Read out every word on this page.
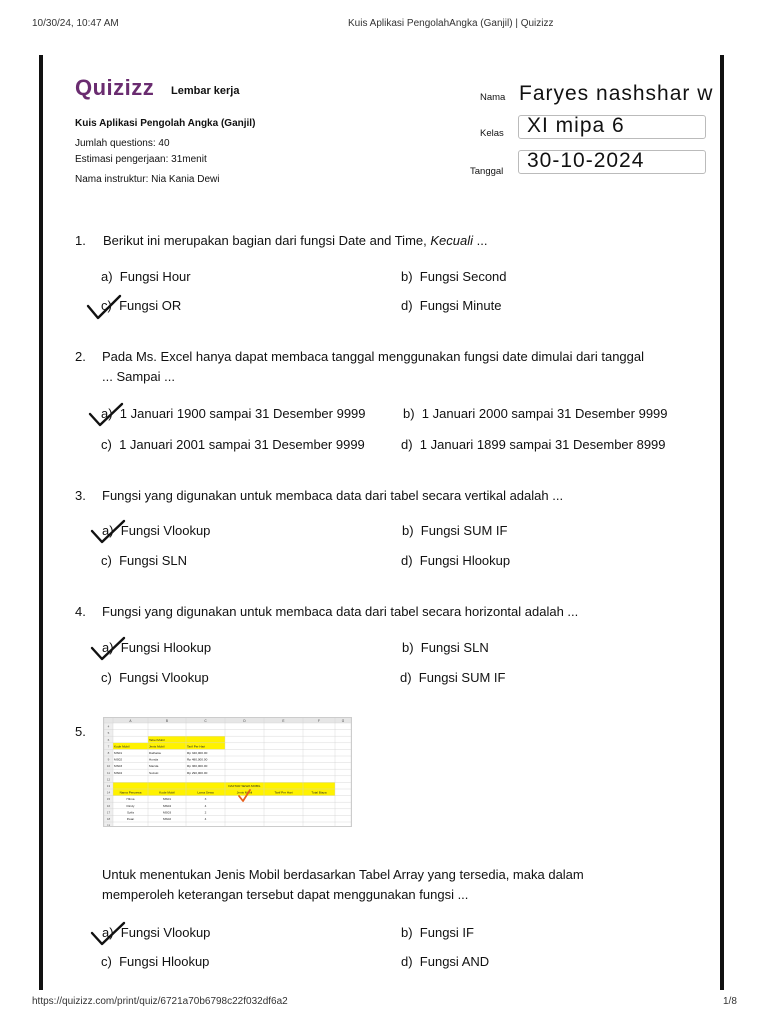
10/30/24, 10:47 AM	Kuis Aplikasi PengolahAngka (Ganjil) | Quizizz
Quizizz Lembar kerja
Kuis Aplikasi Pengolah Angka (Ganjil)
Jumlah questions: 40
Estimasi pengerjaan: 31menit
Nama instruktur: Nia Kania Dewi
Nama Faryes nashshar w
Kelas XI mipa 6
Tanggal 30-10-2024
1. Berikut ini merupakan bagian dari fungsi Date and Time, Kecuali ...
a) Fungsi Hour	b) Fungsi Second
c) Fungsi OR	d) Fungsi Minute
2. Pada Ms. Excel hanya dapat membaca tanggal menggunakan fungsi date dimulai dari tanggal
... Sampai ...
a) 1 Januari 1900 sampai 31 Desember 9999	b) 1 Januari 2000 sampai 31 Desember 9999
c) 1 Januari 2001 sampai 31 Desember 9999	d) 1 Januari 1899 sampai 31 Desember 8999
3. Fungsi yang digunakan untuk membaca data dari tabel secara vertikal adalah ...
a) Fungsi Vlookup	b) Fungsi SUM IF
c) Fungsi SLN	d) Fungsi Hlookup
4. Fungsi yang digunakan untuk membaca data dari tabel secara horizontal adalah ...
a) Fungsi Hlookup	b) Fungsi SLN
c) Fungsi Vlookup	d) Fungsi SUM IF
5.
A	B	C	D	E	F	G
4
5
6
7
8
9
10
11
12
13
14
15
16
17
18
19
Tabel Mobil
Kode Mobil	Jenis Mobil	Tarif Per Hari
MS01	Daihatsu	Rp 340,000.00
MS02	Honda	Rp 480,000.00
MS03	Mazda	Rp 360,000.00
MS04	Suzuki	Rp 290,000.00
DAFTAR SEWA MOBIL
Nama Penyewa	Kode Mobil	Lama Sewa	Jenis Mobil	Tarif Per Hari	Total Biaya
Hilma	MS01	3
Dindy	MS04	4
Syifa	MS03	2
Ihsan	MS02	4
Untuk menentukan Jenis Mobil berdasarkan Tabel Array yang tersedia, maka dalam
memperoleh keterangan tersebut dapat menggunakan fungsi ...
a) Fungsi Vlookup	b) Fungsi IF
c) Fungsi Hlookup	d) Fungsi AND
https://quizizz.com/print/quiz/6721a70b6798c22f032df6a2	1/8
